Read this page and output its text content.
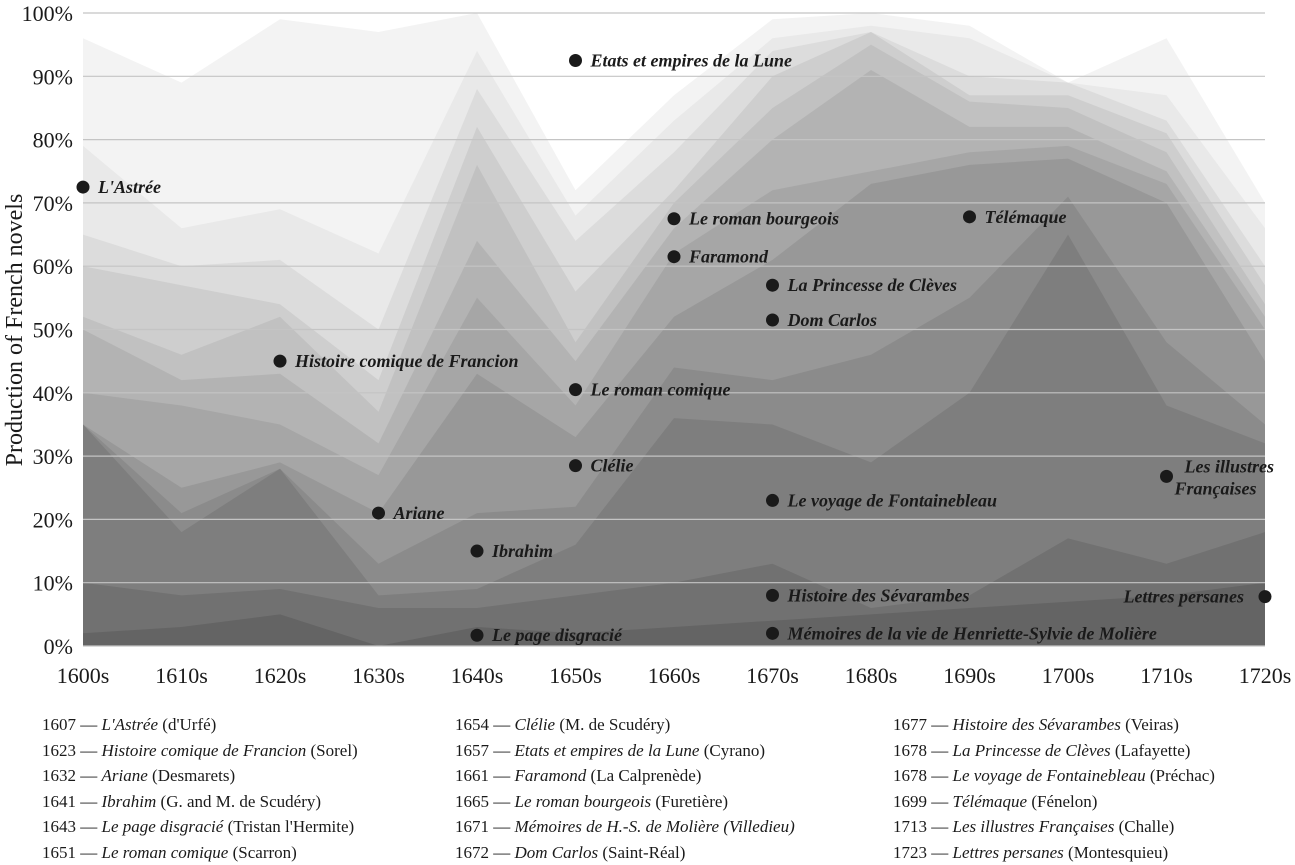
0%
10%
20%
30%
40%
50%
60%
70%
80%
90%
100%
1600s 1610s 1620s 1630s 1640s 1650s 1660s 1670s 1680s 1690s 1700s 1710s 1720s
L'Astrée
Histoire comique de Francion
Ariane
Ibrahim
Le page disgracié
Etats et empires de la Lune
Le roman comique
Clélie
Le roman bourgeois
Faramond
La Princesse de Clèves
Dom Carlos
Le voyage de Fontainebleau
Histoire des Sévarambes
Mémoires de la vie de Henriette-Sylvie de Molière
Télémaque
Les illustres Françaises
Lettres persanes
Production of French novels
1607 — L'Astrée (d'Urfé)
1623 — Histoire comique de Francion (Sorel)
1632 — Ariane (Desmarets)
1641 — Ibrahim (G. and M. de Scudéry)
1643 — Le page disgracié (Tristan l'Hermite)
1651 — Le roman comique (Scarron)
1654 — Clélie (M. de Scudéry)
1657 — Etats et empires de la Lune (Cyrano)
1661 — Faramond (La Calprenède)
1665 — Le roman bourgeois (Furetière)
1671 — Mémoires de H.-S. de Molière (Villedieu)
1672 — Dom Carlos (Saint-Réal)
1677 — Histoire des Sévarambes (Veiras)
1678 — La Princesse de Clèves (Lafayette)
1678 — Le voyage de Fontainebleau (Préchac)
1699 — Télémaque (Fénelon)
1713 — Les illustres Françaises (Challe)
1723 — Lettres persanes (Montesquieu)
